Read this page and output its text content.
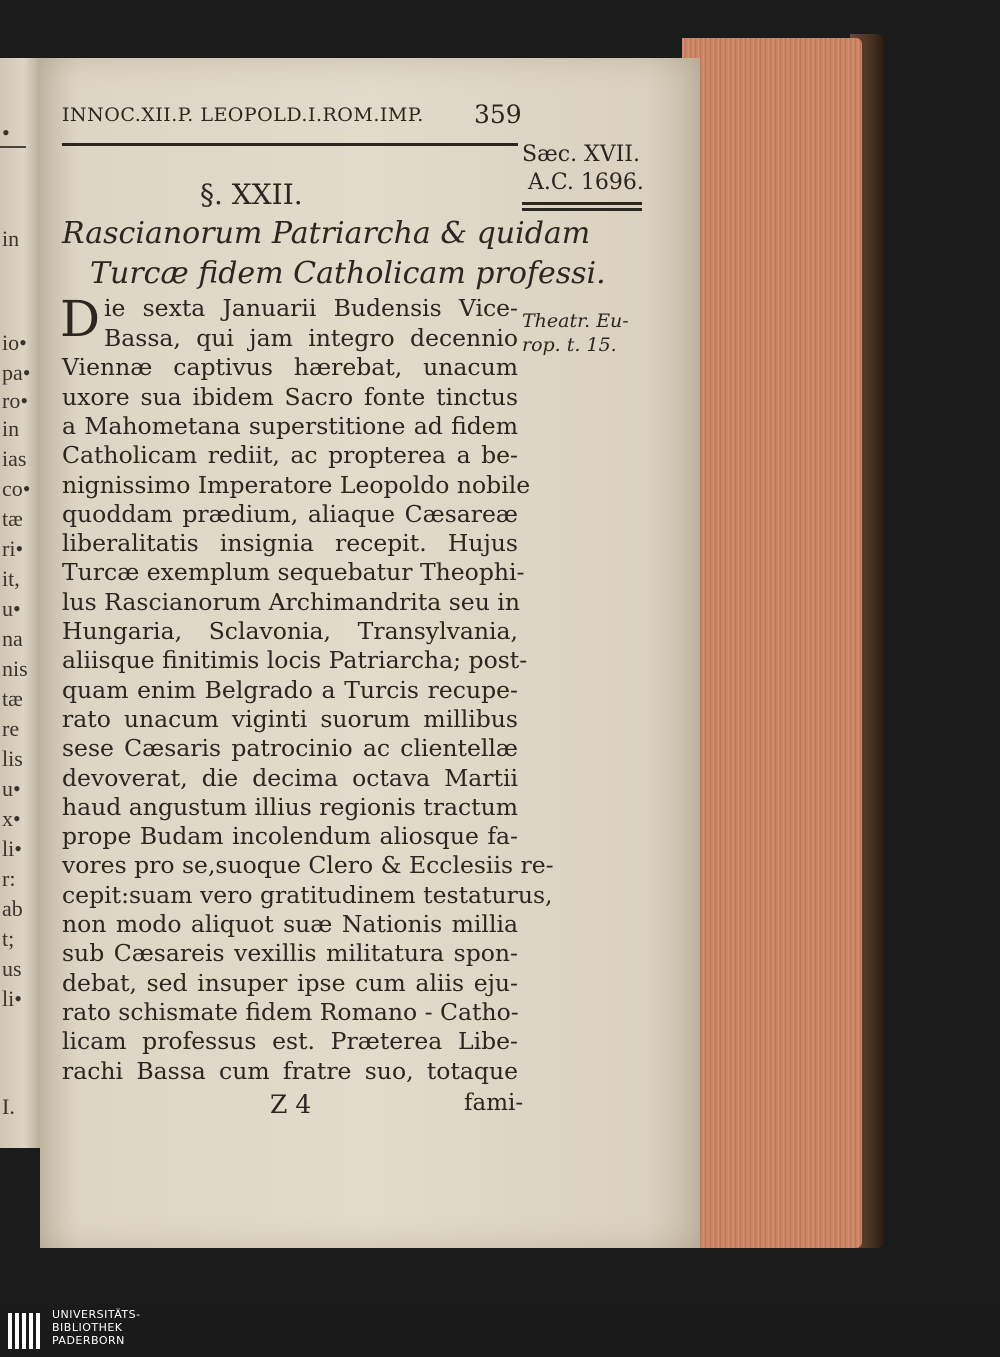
•
in
io•
pa•
ro•
in
ias
co•
tæ
ri•
it,
u•
na
nis
tæ
re
lis
u•
x•
li•
r:
ab
t;
us
li•
I.
INNOC.XII.P. LEOPOLD.I.ROM.IMP. 359
Sæc. XVII.
A.C. 1696.
§. XXII.
Rascianorum Patriarcha & quidam
Turcæ fidem Catholicam professi.
D ie sexta Januarii Budensis Vice- Theatr. Eu-
rop. t. 15.
Bassa, qui jam integro decennio
Viennæ captivus hærebat, unacum
uxore sua ibidem Sacro fonte tinctus
a Mahometana superstitione ad fidem
Catholicam rediit, ac propterea a be-
nignissimo Imperatore Leopoldo nobile
quoddam prædium, aliaque Cæsareæ
liberalitatis insignia recepit. Hujus
Turcæ exemplum sequebatur Theophi-
lus Rascianorum Archimandrita seu in
Hungaria, Sclavonia, Transylvania,
aliisque finitimis locis Patriarcha; post-
quam enim Belgrado a Turcis recupe-
rato unacum viginti suorum millibus
sese Cæsaris patrocinio ac clientellæ
devoverat, die decima octava Martii
haud angustum illius regionis tractum
prope Budam incolendum aliosque fa-
vores pro se,suoque Clero & Ecclesiis re-
cepit:suam vero gratitudinem testaturus,
non modo aliquot suæ Nationis millia
sub Cæsareis vexillis militatura spon-
debat, sed insuper ipse cum aliis eju-
rato schismate fidem Romano - Catho-
licam professus est. Præterea Libe-
rachi Bassa cum fratre suo, totaque
Z 4	fami-
UNIVERSITÄTS-
BIBLIOTHEK
PADERBORN
